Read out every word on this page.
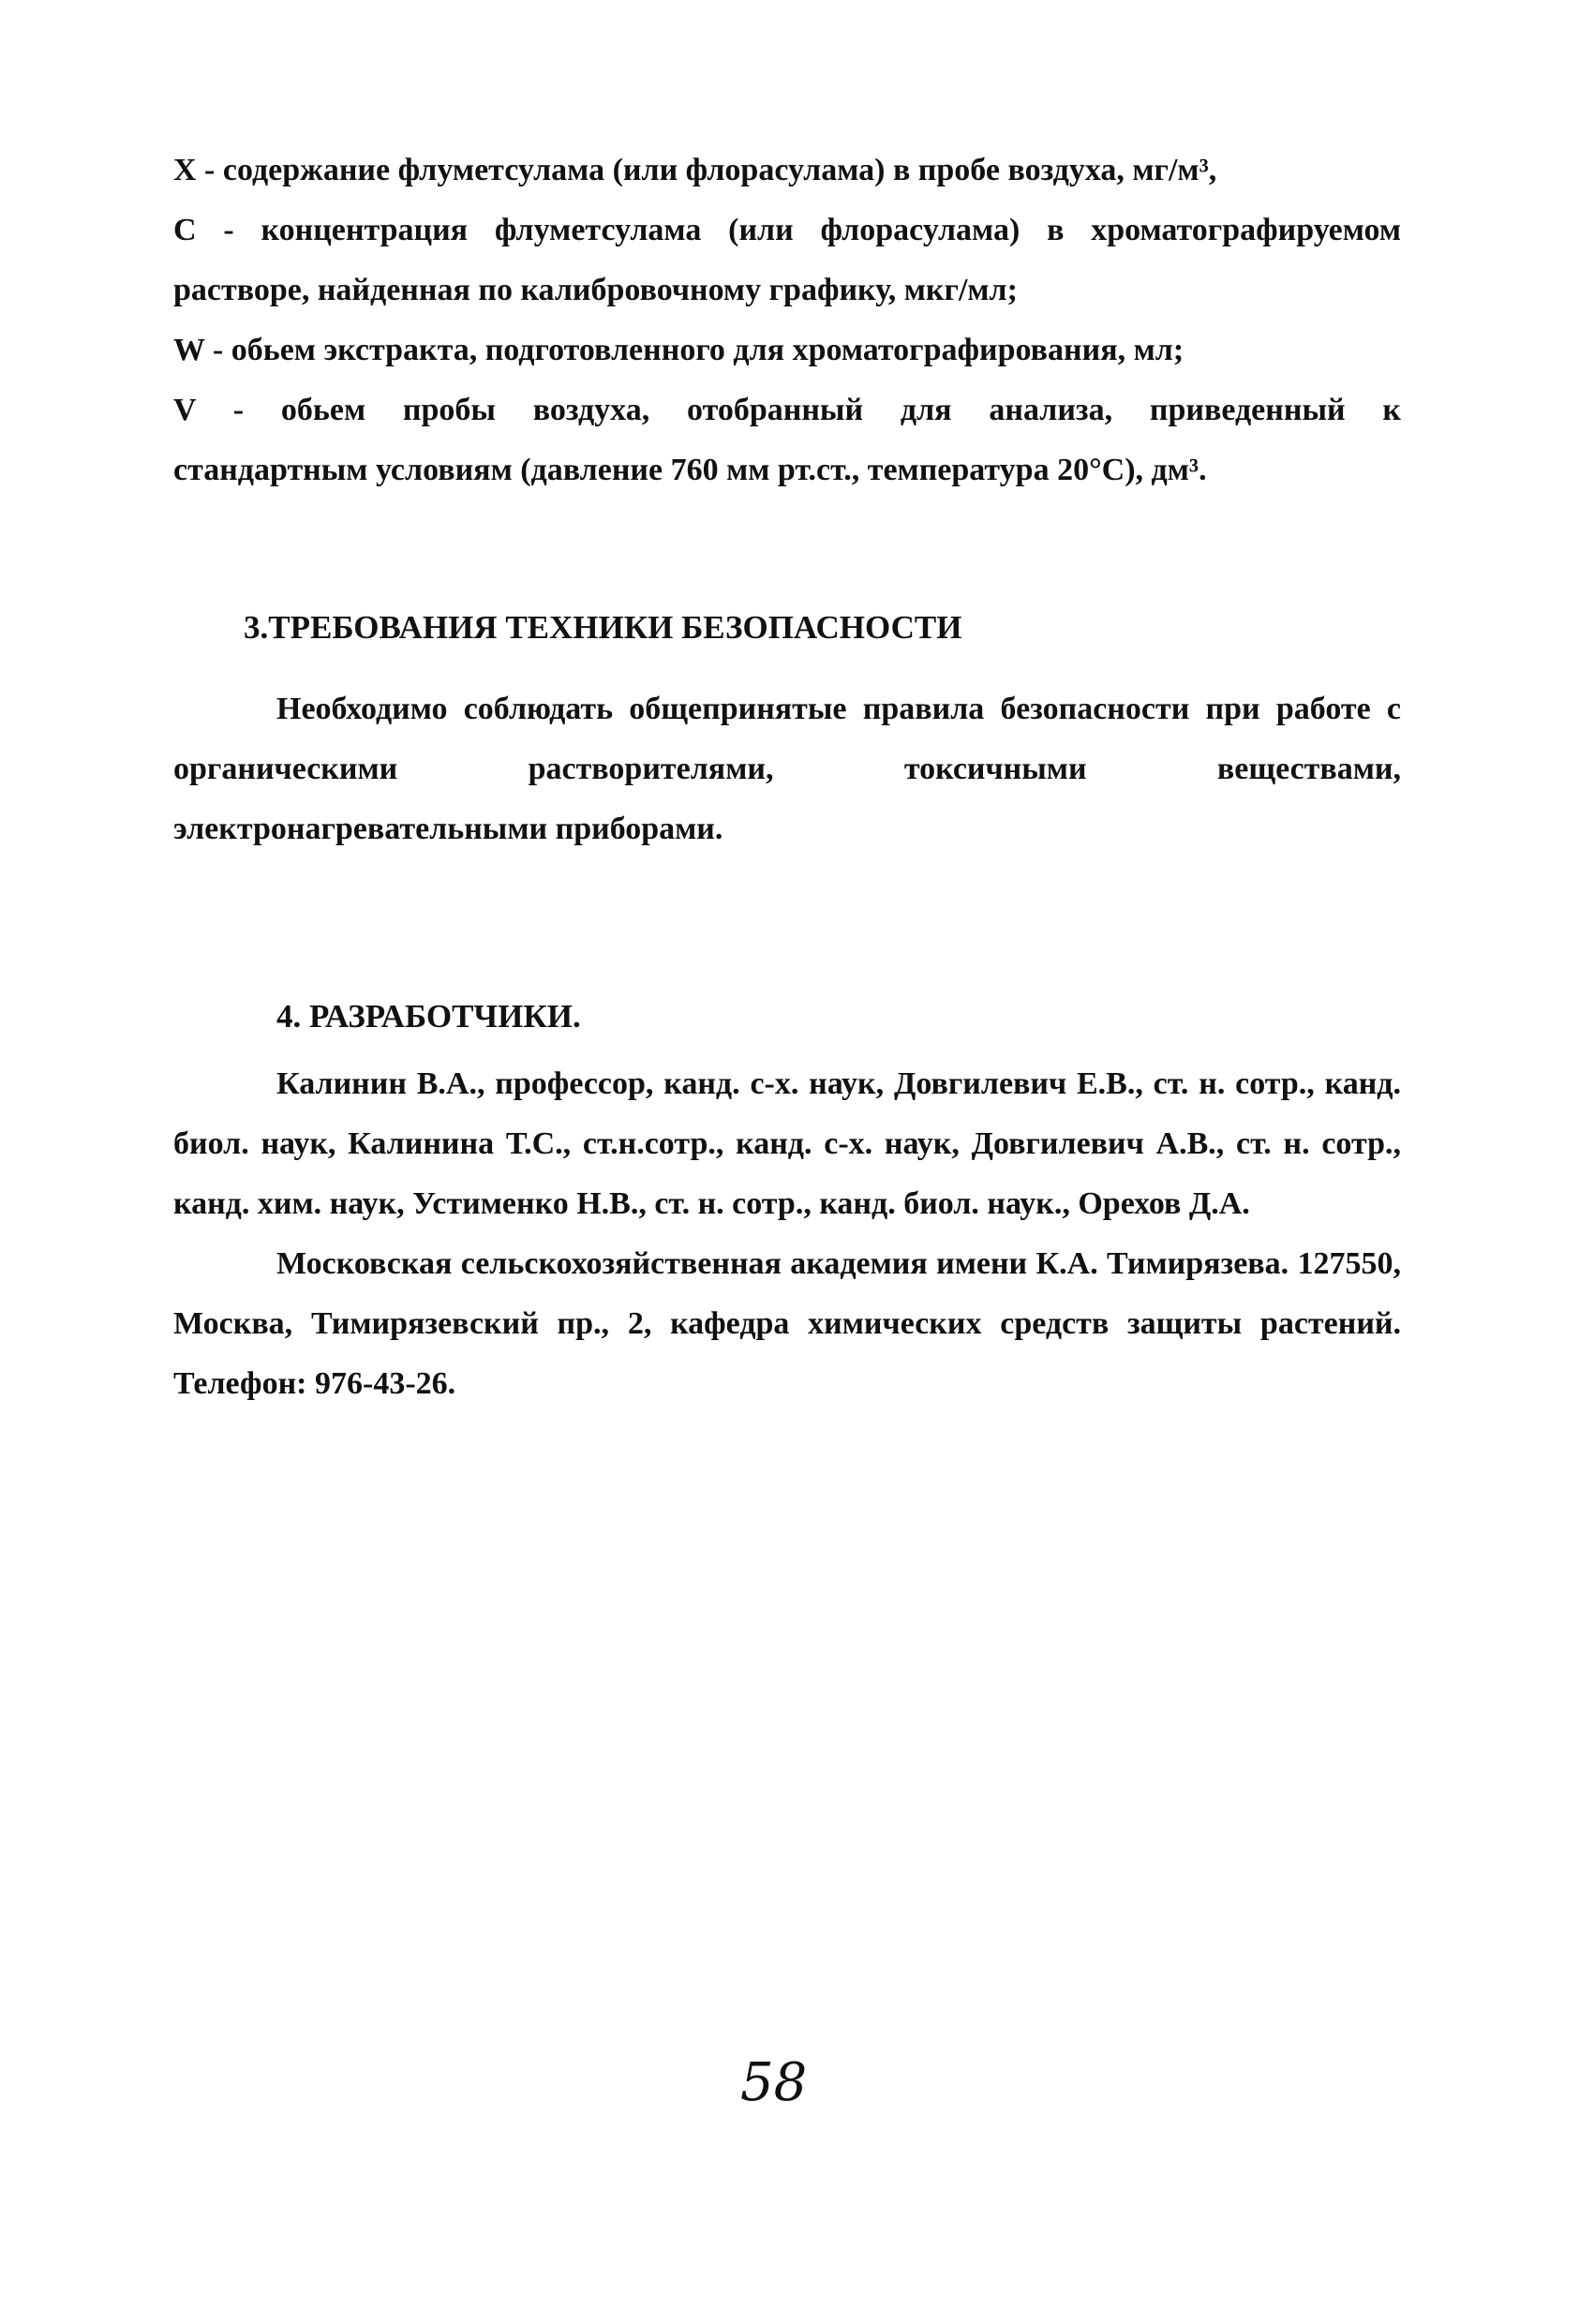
X - содержание флуметсулама (или флорасулама) в пробе воздуха, мг/м³,
С - концентрация флуметсулама (или флорасулама) в хроматографируемом
растворе, найденная по калибровочному графику, мкг/мл;
W - обьем экстракта, подготовленного для хроматографирования, мл;
V - обьем пробы воздуха, отобранный для анализа, приведенный к
стандартным условиям (давление 760 мм рт.ст., температура 20°С), дм³.
3.ТРЕБОВАНИЯ ТЕХНИКИ БЕЗОПАСНОСТИ
Необходимо соблюдать общепринятые правила безопасности при работе с
органическими растворителями, токсичными веществами,
электронагревательными приборами.
4. РАЗРАБОТЧИКИ.
Калинин В.А., профессор, канд. с-х. наук, Довгилевич Е.В., ст. н. сотр., канд.
биол. наук, Калинина Т.С., ст.н.сотр., канд. с-х. наук, Довгилевич А.В., ст. н. сотр.,
канд. хим. наук, Устименко Н.В., ст. н. сотр., канд. биол. наук., Орехов Д.А.
Московская сельскохозяйственная академия имени К.А. Тимирязева. 127550,
Москва, Тимирязевский пр., 2, кафедра химических средств защиты растений.
Телефон: 976-43-26.
58
